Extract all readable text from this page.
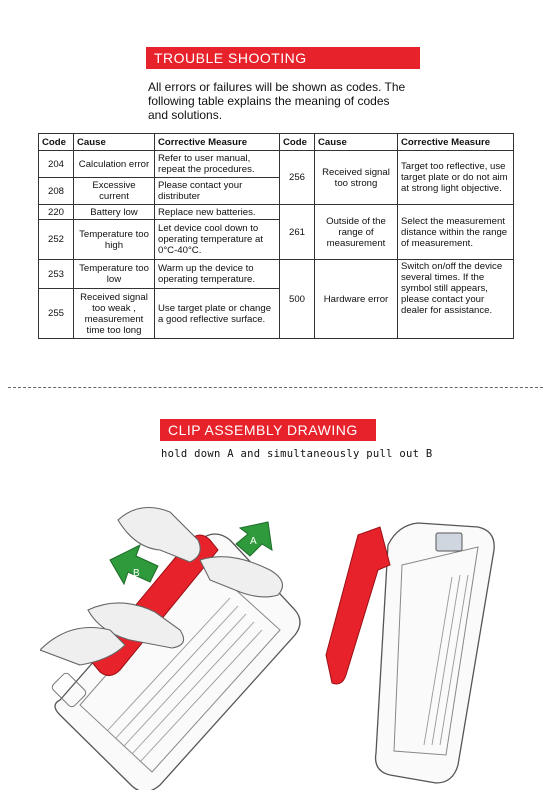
TROUBLE SHOOTING
All errors or failures will be shown as codes. The following table explains the meaning of codes and solutions.
Code	Cause	Corrective Measure	Code	Cause	Corrective Measure
204	Calculation error	Refer to user manual, repeat the procedures.	256	Received signal too strong	Target too reflective, use target plate or do not aim at strong light objective.
208	Excessive current	Please contact your distributer			
220	Battery low	Replace new batteries.	261	Outside of the range of measurement	Select the measurement distance within the range of measurement.
252	Temperature too high	Let device cool down to operating temperature at 0°C-40°C.			
253	Temperature too low	Warm up the device to operating temperature.	500	Hardware error	Switch on/off the device several times. If the symbol still appears, please contact your dealer for assistance.
255	Received signal too weak , measurement time too long	Use target plate or change a good reflective surface.			
CLIP ASSEMBLY DRAWING
hold down A and simultaneously pull out B
B
A
